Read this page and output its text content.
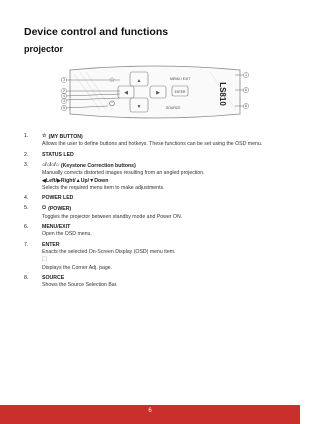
Device control and functions
projector
☆	▲
◀	▶
▼
⏻
ENTER
MENU / EXIT
SOURCE
LS810
3
2
4
3
5
1
6
8
1.	☆ (MY BUTTON)
Allows the user to define buttons and hotkeys. These functions can be set using the OSD menu.
2.	STATUS LED
3.	⌂/⌂/⌂/⌂ (Keystone Correction buttons)
Manually corrects distorted images resulting from an angled projection.
◀Left/▶Right/▲Up/▼Down
Selects the required menu item to make adjustments.
4.	POWER LED
5.	⏻ (POWER)
Toggles the projector between standby mode and Power ON.
6.	MENU/EXIT
Open the OSD menu.
7.	ENTER
Enacts the selected On-Screen Display (OSD) menu item.
⬚
Displays the Corner Adj. page.
8.	SOURCE
Shows the Source Selection Bar.
6
